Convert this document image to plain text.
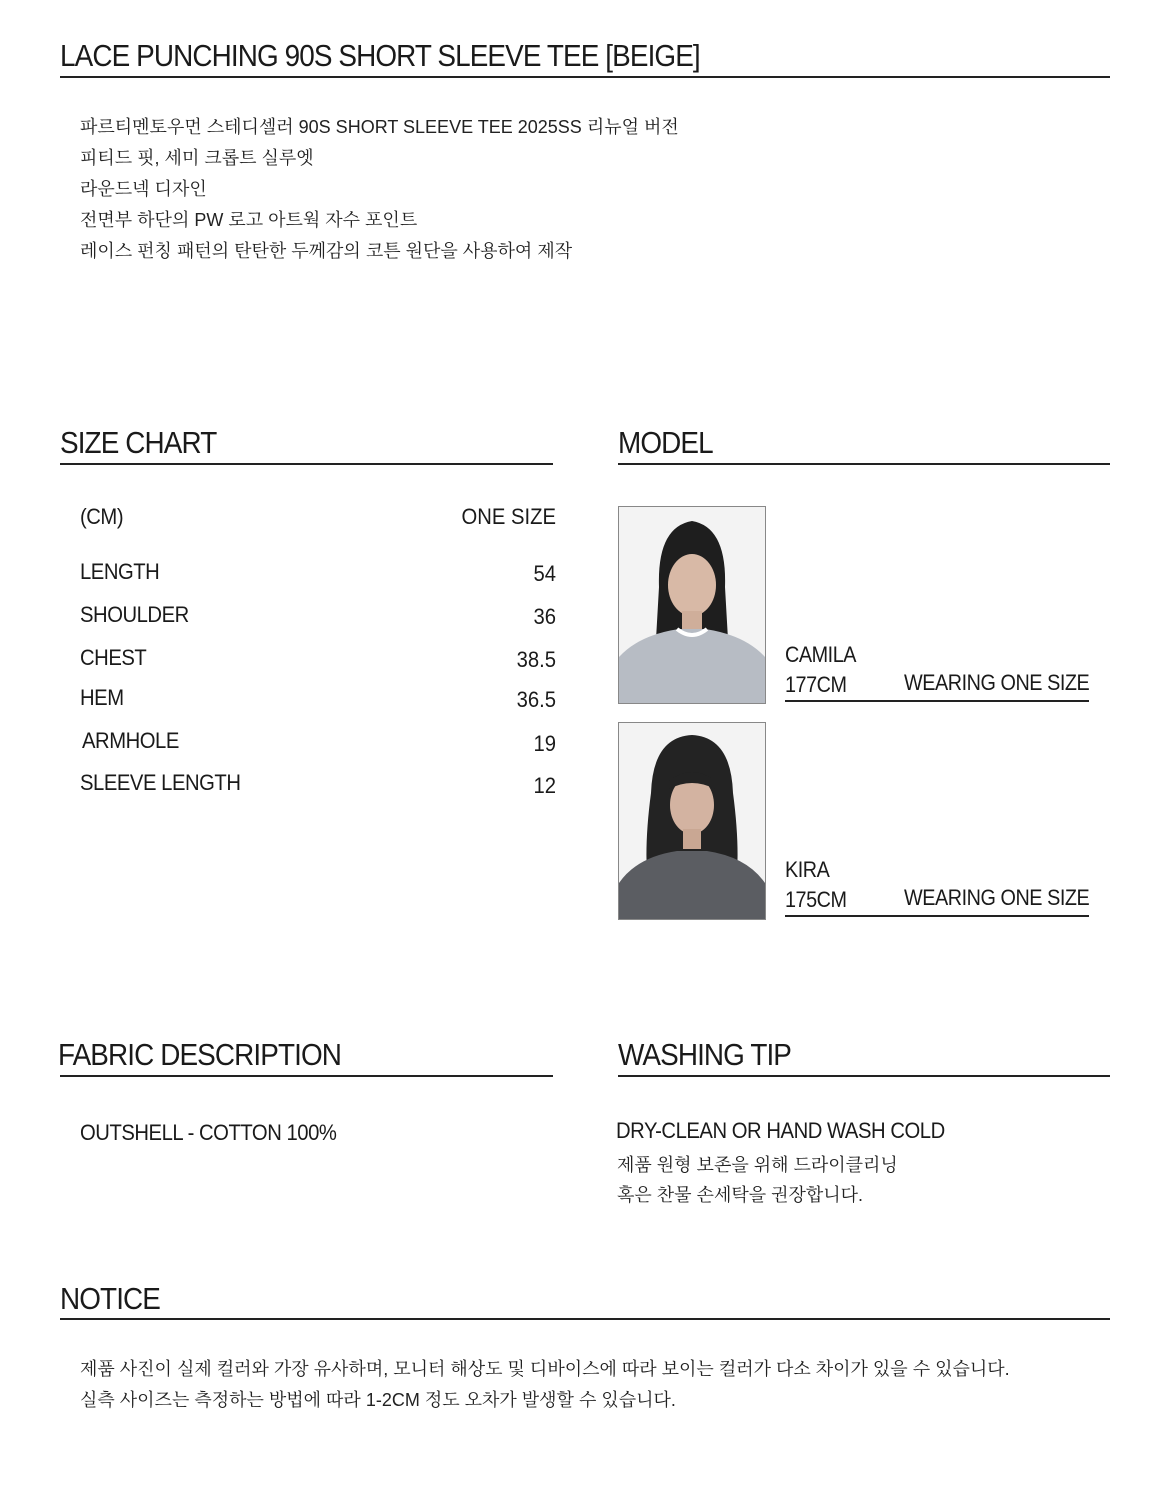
LACE PUNCHING 90S SHORT SLEEVE TEE [BEIGE]
파르티멘토우먼 스테디셀러 90S SHORT SLEEVE TEE 2025SS 리뉴얼 버전
피티드 핏, 세미 크롭트 실루엣
라운드넥 디자인
전면부 하단의 PW 로고 아트웍 자수 포인트
레이스 펀칭 패턴의 탄탄한 두께감의 코튼 원단을 사용하여 제작
SIZE CHART
(CM)	ONE SIZE
LENGTH	54
SHOULDER	36
CHEST	38.5
HEM	36.5
ARMHOLE	19
SLEEVE LENGTH	12
MODEL
CAMILA
177CM	WEARING ONE SIZE
KIRA
175CM	WEARING ONE SIZE
FABRIC DESCRIPTION
OUTSHELL - COTTON 100%
WASHING TIP
DRY-CLEAN OR HAND WASH COLD
제품 원형 보존을 위해 드라이클리닝
혹은 찬물 손세탁을 권장합니다.
NOTICE
제품 사진이 실제 컬러와 가장 유사하며, 모니터 해상도 및 디바이스에 따라 보이는 컬러가 다소 차이가 있을 수 있습니다.
실측 사이즈는 측정하는 방법에 따라 1-2CM 정도 오차가 발생할 수 있습니다.
